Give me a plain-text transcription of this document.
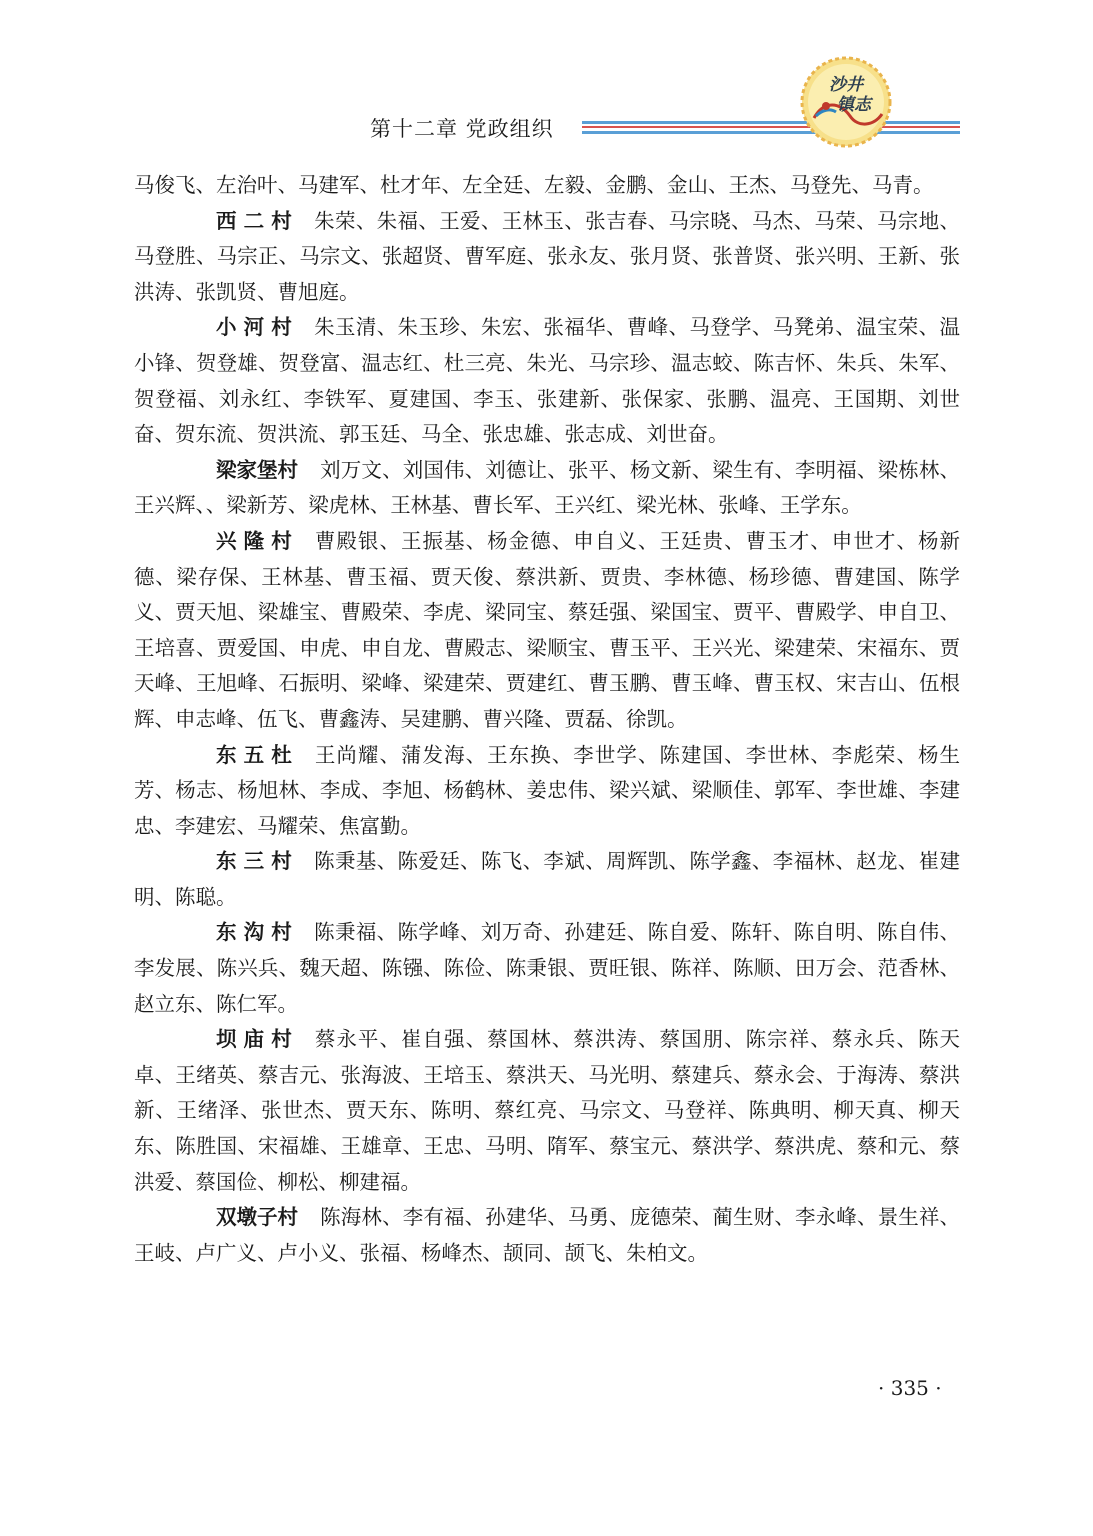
第十二章 党政组织
沙井
镇志

马俊飞、左治叶、马建军、杜才年、左全廷、左毅、金鹏、金山、王杰、马登先、马青。

西 二 村 朱荣、朱福、王爱、王林玉、张吉春、马宗晓、马杰、马荣、马宗地、马登胜、马宗正、马宗文、张超贤、曹军庭、张永友、张月贤、张普贤、张兴明、王新、张洪涛、张凯贤、曹旭庭。

小 河 村 朱玉清、朱玉珍、朱宏、张福华、曹峰、马登学、马凳弟、温宝荣、温小锋、贺登雄、贺登富、温志红、杜三亮、朱光、马宗珍、温志蛟、陈吉怀、朱兵、朱军、贺登福、刘永红、李铁军、夏建国、李玉、张建新、张保家、张鹏、温亮、王国期、刘世奋、贺东流、贺洪流、郭玉廷、马全、张忠雄、张志成、刘世奋。

梁家堡村 刘万文、刘国伟、刘德让、张平、杨文新、梁生有、李明福、梁栋林、王兴辉、、梁新芳、梁虎林、王林基、曹长军、王兴红、梁光林、张峰、王学东。

兴 隆 村 曹殿银、王振基、杨金德、申自义、王廷贵、曹玉才、申世才、杨新德、梁存保、王林基、曹玉福、贾天俊、蔡洪新、贾贵、李林德、杨珍德、曹建国、陈学义、贾天旭、梁雄宝、曹殿荣、李虎、梁同宝、蔡廷强、梁国宝、贾平、曹殿学、申自卫、王培喜、贾爱国、申虎、申自龙、曹殿志、梁顺宝、曹玉平、王兴光、梁建荣、宋福东、贾天峰、王旭峰、石振明、梁峰、梁建荣、贾建红、曹玉鹏、曹玉峰、曹玉权、宋吉山、伍根辉、申志峰、伍飞、曹鑫涛、吴建鹏、曹兴隆、贾磊、徐凯。

东 五 杜 王尚耀、蒲发海、王东换、李世学、陈建国、李世林、李彪荣、杨生芳、杨志、杨旭林、李成、李旭、杨鹤林、姜忠伟、梁兴斌、梁顺佳、郭军、李世雄、李建忠、李建宏、马耀荣、焦富勤。

东 三 村 陈秉基、陈爱廷、陈飞、李斌、周辉凯、陈学鑫、李福林、赵龙、崔建明、陈聪。

东 沟 村 陈秉福、陈学峰、刘万奇、孙建廷、陈自爱、陈轩、陈自明、陈自伟、李发展、陈兴兵、魏天超、陈镪、陈俭、陈秉银、贾旺银、陈祥、陈顺、田万会、范香林、赵立东、陈仁军。

坝 庙 村 蔡永平、崔自强、蔡国林、蔡洪涛、蔡国朋、陈宗祥、蔡永兵、陈天卓、王绪英、蔡吉元、张海波、王培玉、蔡洪天、马光明、蔡建兵、蔡永会、于海涛、蔡洪新、王绪泽、张世杰、贾天东、陈明、蔡红亮、马宗文、马登祥、陈典明、柳天真、柳天东、陈胜国、宋福雄、王雄章、王忠、马明、隋军、蔡宝元、蔡洪学、蔡洪虎、蔡和元、蔡洪爱、蔡国俭、柳松、柳建福。

双墩子村 陈海林、李有福、孙建华、马勇、庞德荣、蔺生财、李永峰、景生祥、王岐、卢广义、卢小义、张福、杨峰杰、颉同、颉飞、朱柏文。

· 335 ·
